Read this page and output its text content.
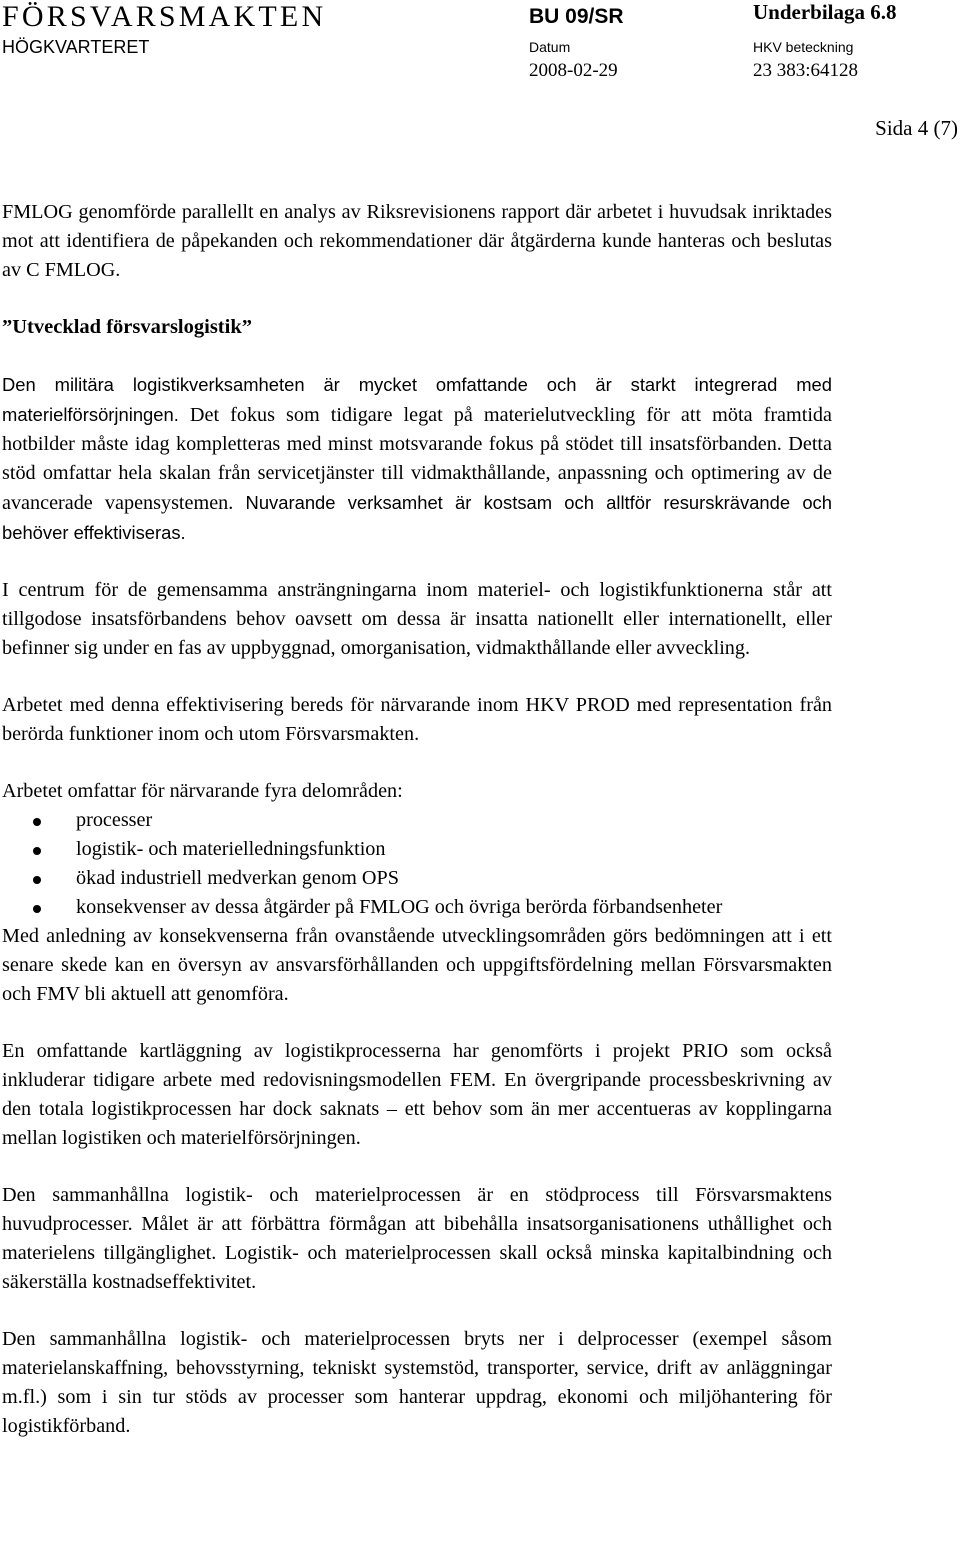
FÖRSVARSMAKTEN
HÖGKVARTERET
BU 09/SR	Underbilaga 6.8
Datum	HKV beteckning
2008-02-29	23 383:64128
Sida 4 (7)

FMLOG genomförde parallellt en analys av Riksrevisionens rapport där arbetet i huvudsak inriktades mot att identifiera de påpekanden och rekommendationer där åtgärderna kunde hanteras och beslutas av C FMLOG.

”Utvecklad försvarslogistik”

Den militära logistikverksamheten är mycket omfattande och är starkt integrerad med materielförsörjningen. Det fokus som tidigare legat på materielutveckling för att möta framtida hotbilder måste idag kompletteras med minst motsvarande fokus på stödet till insatsförbanden. Detta stöd omfattar hela skalan från servicetjänster till vidmakthållande, anpassning och optimering av de avancerade vapensystemen. Nuvarande verksamhet är kostsam och alltför resurskrävande och behöver effektiviseras.

I centrum för de gemensamma ansträngningarna inom materiel- och logistikfunktionerna står att tillgodose insatsförbandens behov oavsett om dessa är insatta nationellt eller internationellt, eller befinner sig under en fas av uppbyggnad, omorganisation, vidmakthållande eller avveckling.

Arbetet med denna effektivisering bereds för närvarande inom HKV PROD med representation från berörda funktioner inom och utom Försvarsmakten.

Arbetet omfattar för närvarande fyra delområden:

processer
logistik- och materielledningsfunktion
ökad industriell medverkan genom OPS
konsekvenser av dessa åtgärder på FMLOG och övriga berörda förbandsenheter

Med anledning av konsekvenserna från ovanstående utvecklingsområden görs bedömningen att i ett senare skede kan en översyn av ansvarsförhållanden och uppgiftsfördelning mellan Försvarsmakten och FMV bli aktuell att genomföra.

En omfattande kartläggning av logistikprocesserna har genomförts i projekt PRIO som också inkluderar tidigare arbete med redovisningsmodellen FEM. En övergripande processbeskrivning av den totala logistikprocessen har dock saknats – ett behov som än mer accentueras av kopplingarna mellan logistiken och materielförsörjningen.

Den sammanhållna logistik- och materielprocessen är en stödprocess till Försvarsmaktens huvudprocesser. Målet är att förbättra förmågan att bibehålla insatsorganisationens uthållighet och materielens tillgänglighet. Logistik- och materielprocessen skall också minska kapitalbindning och säkerställa kostnadseffektivitet.

Den sammanhållna logistik- och materielprocessen bryts ner i delprocesser (exempel såsom materielanskaffning, behovsstyrning, tekniskt systemstöd, transporter, service, drift av anläggningar m.fl.) som i sin tur stöds av processer som hanterar uppdrag, ekonomi och miljöhantering för logistikförband.
